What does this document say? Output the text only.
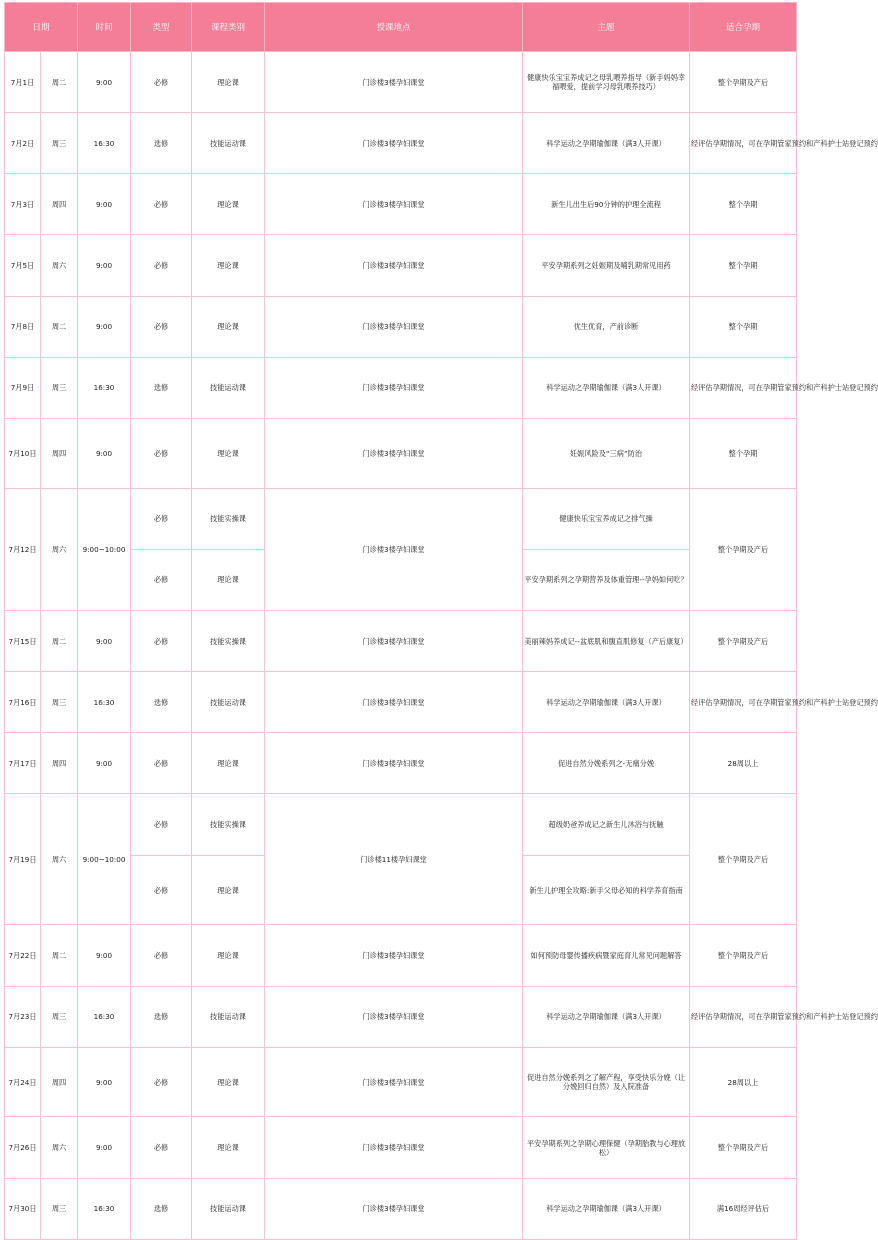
日期		时间	类型	课程类别	授课地点	主题	适合孕期	授课老师
7月1日	周二	9:00	必修	理论课	门诊楼3楼孕妇课堂	健康快乐宝宝养成记之母乳喂养指导（新手妈妈幸福喂爱，提前学习母乳喂养技巧）	整个孕期及产后	

7月2日	周三	16:30	选修	技能运动课	门诊楼3楼孕妇课堂	科学运动之孕期瑜伽课（满3人开课）	经评估孕期情况，可在孕期管家预约和产科护士站登记预约	

7月3日	周四	9:00	必修	理论课	门诊楼3楼孕妇课堂	新生儿出生后90分钟的护理全流程	整个孕期	

7月5日	周六	9:00	必修	理论课	门诊楼3楼孕妇课堂	平安孕期系列之妊娠期及哺乳期常见用药	整个孕期	

7月8日	周二	9:00	必修	理论课	门诊楼3楼孕妇课堂	优生优育，产前诊断	整个孕期	

7月9日	周三	16:30	选修	技能运动课	门诊楼3楼孕妇课堂	科学运动之孕期瑜伽课（满3人开课）	经评估孕期情况，可在孕期管家预约和产科护士站登记预约	

7月10日	周四	9:00	必修	理论课	门诊楼3楼孕妇课堂	妊娠风险及“三病”防治	整个孕期	

7月12日	周六	9:00~10:00	必修	技能实操课	门诊楼3楼孕妇课堂	健康快乐宝宝养成记之排气操	整个孕期及产后	

			必修	理论课		平安孕期系列之孕期营养及体重管理--孕妈如何吃？	

7月15日	周二	9:00	必修	技能实操课	门诊楼3楼孕妇课堂	美丽辣妈养成记--盆底肌和腹直肌修复（产后康复）	整个孕期及产后	

7月16日	周三	16:30	选修	技能运动课	门诊楼3楼孕妇课堂	科学运动之孕期瑜伽课（满3人开课）	经评估孕期情况，可在孕期管家预约和产科护士站登记预约	

7月17日	周四	9:00	必修	理论课	门诊楼3楼孕妇课堂	促进自然分娩系列之-无痛分娩	28周以上	

7月19日	周六	9:00~10:00	必修	技能实操课	门诊楼11楼孕妇课堂	超级奶爸养成记之新生儿沐浴与抚触	整个孕期及产后	

			必修	理论课		新生儿护理全攻略:新手父母必知的科学养育指南	

7月22日	周二	9:00	必修	理论课	门诊楼3楼孕妇课堂	如何预防母婴传播疾病暨家庭育儿常见问题解答	整个孕期及产后	

7月23日	周三	16:30	选修	技能运动课	门诊楼3楼孕妇课堂	科学运动之孕期瑜伽课（满3人开课）	经评估孕期情况，可在孕期管家预约和产科护士站登记预约	

7月24日	周四	9:00	必修	理论课	门诊楼3楼孕妇课堂	促进自然分娩系列之了解产程，享受快乐分娩（让分娩回归自然）及入院准备	28周以上	

7月26日	周六	9:00	必修	理论课	门诊楼3楼孕妇课堂	平安孕期系列之孕期心理保健（孕期胎教与心理放松）	整个孕期及产后	

7月30日	周三	16:30	选修	技能运动课	门诊楼3楼孕妇课堂	科学运动之孕期瑜伽课（满3人开课）	满16周经评估后	
